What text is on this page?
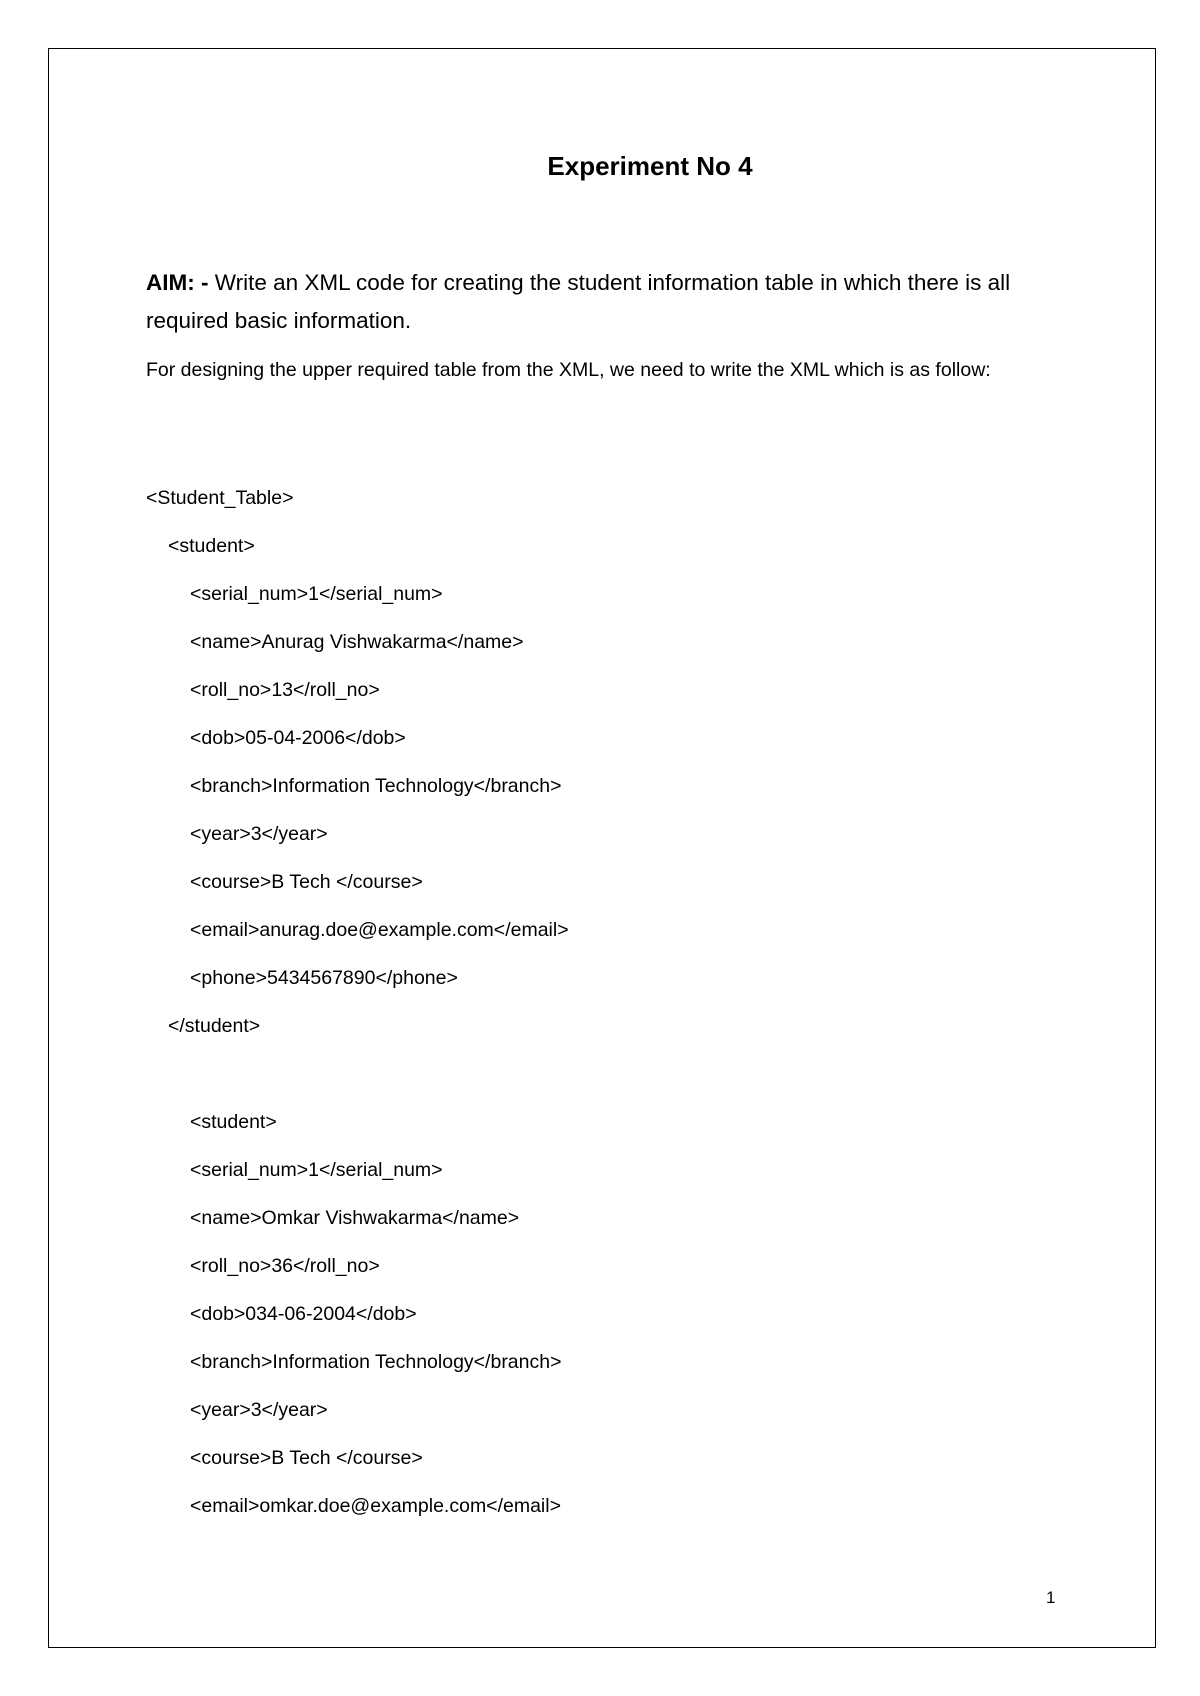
Experiment No 4
AIM: - Write an XML code for creating the student information table in which there is all required basic information.
For designing the upper required table from the XML, we need to write the XML which is as follow:
<Student_Table>
<student>
<serial_num>1</serial_num>
<name>Anurag Vishwakarma</name>
<roll_no>13</roll_no>
<dob>05-04-2006</dob>
<branch>Information Technology</branch>
<year>3</year>
<course>B Tech </course>
<email>anurag.doe@example.com</email>
<phone>5434567890</phone>
</student>
<student>
<serial_num>1</serial_num>
<name>Omkar Vishwakarma</name>
<roll_no>36</roll_no>
<dob>034-06-2004</dob>
<branch>Information Technology</branch>
<year>3</year>
<course>B Tech </course>
<email>omkar.doe@example.com</email>
1
